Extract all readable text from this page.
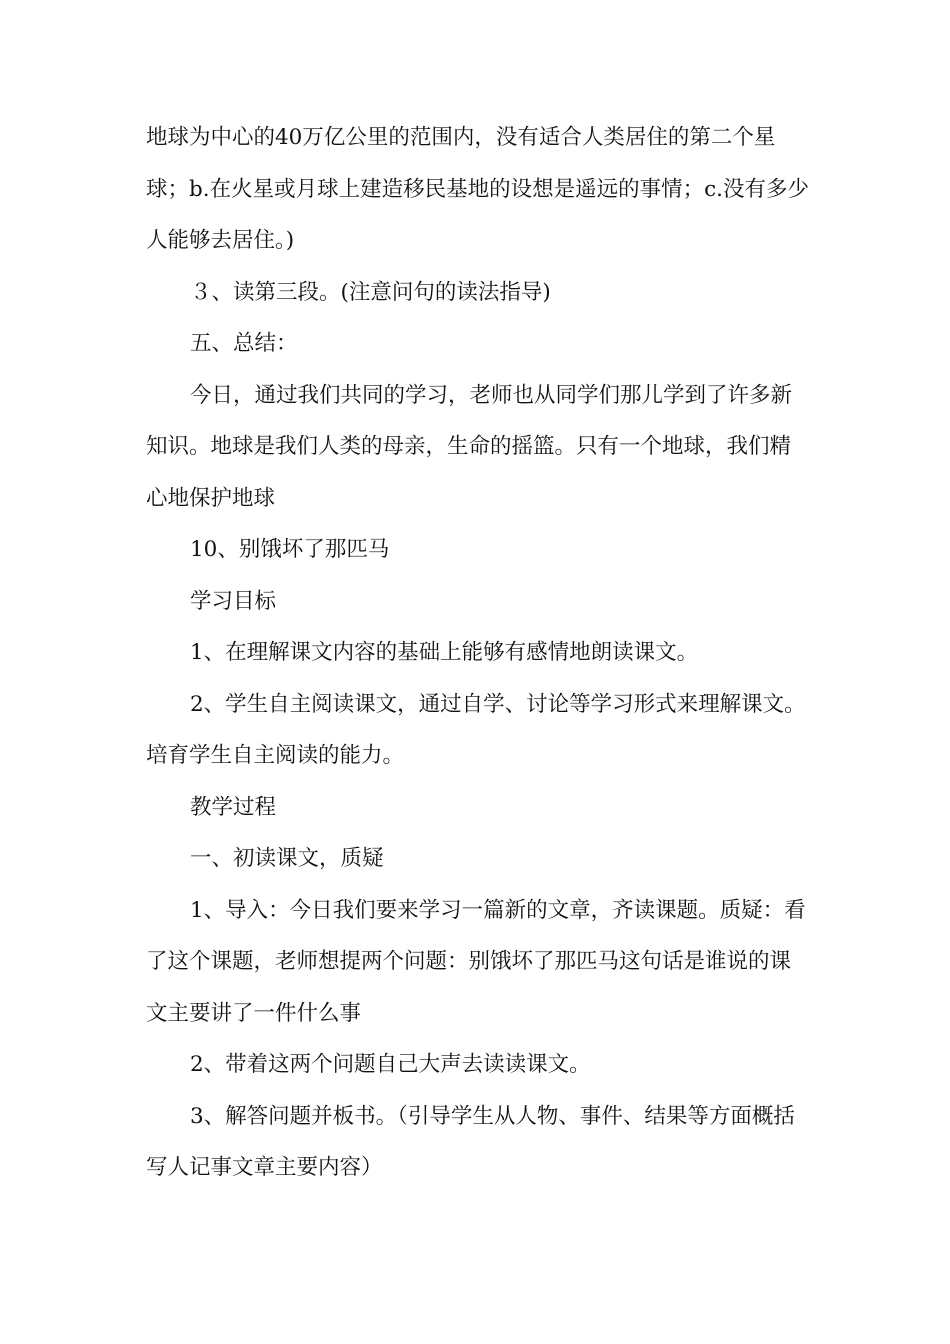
地球为中心的40万亿公里的范围内，没有适合人类居住的第二个星球；b.在火星或月球上建造移民基地的设想是遥远的事情；c.没有多少人能够去居住。)

３、读第三段。(注意问句的读法指导)

五、总结：

今日，通过我们共同的学习，老师也从同学们那儿学到了许多新知识。地球是我们人类的母亲，生命的摇篮。只有一个地球，我们精心地保护地球

10、别饿坏了那匹马

学习目标

1、在理解课文内容的基础上能够有感情地朗读课文。

2、学生自主阅读课文，通过自学、讨论等学习形式来理解课文。培育学生自主阅读的能力。

教学过程

一、初读课文，质疑

1、导入：今日我们要来学习一篇新的文章，齐读课题。质疑：看了这个课题，老师想提两个问题：别饿坏了那匹马这句话是谁说的课文主要讲了一件什么事

2、带着这两个问题自己大声去读读课文。

3、解答问题并板书。（引导学生从人物、事件、结果等方面概括写人记事文章主要内容）
